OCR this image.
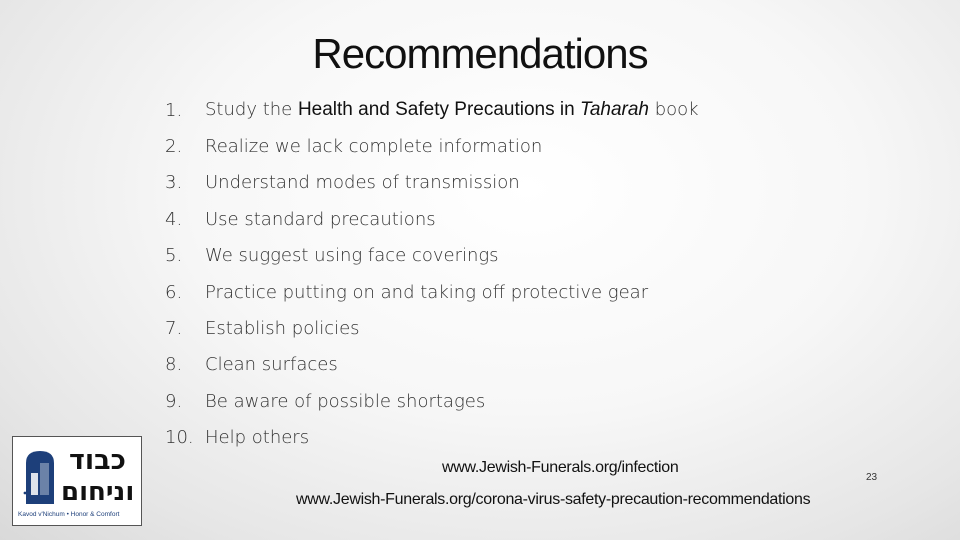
Recommendations
1.	Study the Health and Safety Precautions in Taharah book
2.	Realize we lack complete information
3.	Understand modes of transmission
4.	Use standard precautions
5.	We suggest using face coverings
6.	Practice putting on and taking off protective gear
7.	Establish policies
8.	Clean surfaces
9.	Be aware of possible shortages
10. Help others
www.Jewish-Funerals.org/infection
www.Jewish-Funerals.org/corona-virus-safety-precaution-recommendations
23
כבוד
וניחום
Kavod v'Nichum • Honor & Comfort
